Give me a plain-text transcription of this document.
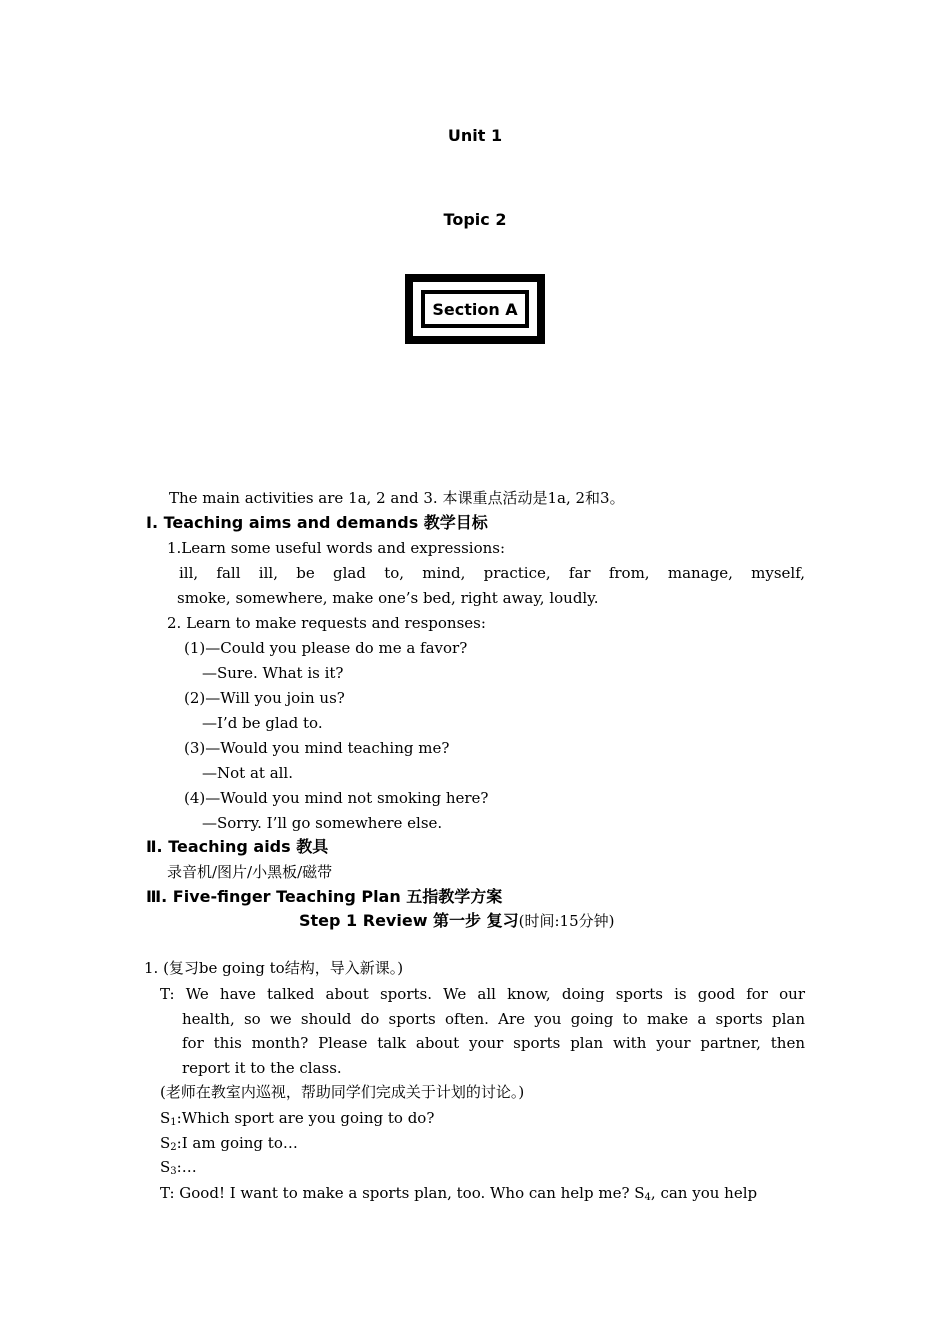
Unit 1
Topic 2
Section A
The main activities are 1a, 2 and 3. 本课重点活动是1a, 2和3。
Ⅰ. Teaching aims and demands 教学目标
1.Learn some useful words and expressions:
ill, fall ill, be glad to, mind, practice, far from, manage, myself,
smoke, somewhere, make one’s bed, right away, loudly.
2. Learn to make requests and responses:
(1)—Could you please do me a favor?
—Sure. What is it?
(2)—Will you join us?
—I’d be glad to.
(3)—Would you mind teaching me?
—Not at all.
(4)—Would you mind not smoking here?
—Sorry. I’ll go somewhere else.
Ⅱ. Teaching aids 教具
录音机/图片/小黑板/磁带
Ⅲ. Five-finger Teaching Plan 五指教学方案
Step 1 Review 第一步 复习(时间:15分钟)
1. (复习be going to结构，导入新课。)
T: We have talked about sports. We all know, doing sports is good for our
health, so we should do sports often. Are you going to make a sports plan
for this month? Please talk about your sports plan with your partner, then
report it to the class.
(老师在教室内巡视，帮助同学们完成关于计划的讨论。)
$S_1:Which$ sport are you going to do?
$S_2:I$ am going to…
$S_3:\dots$
T: Good! I want to make a sports plan, too. Who can help me? $S_4$, can you help
